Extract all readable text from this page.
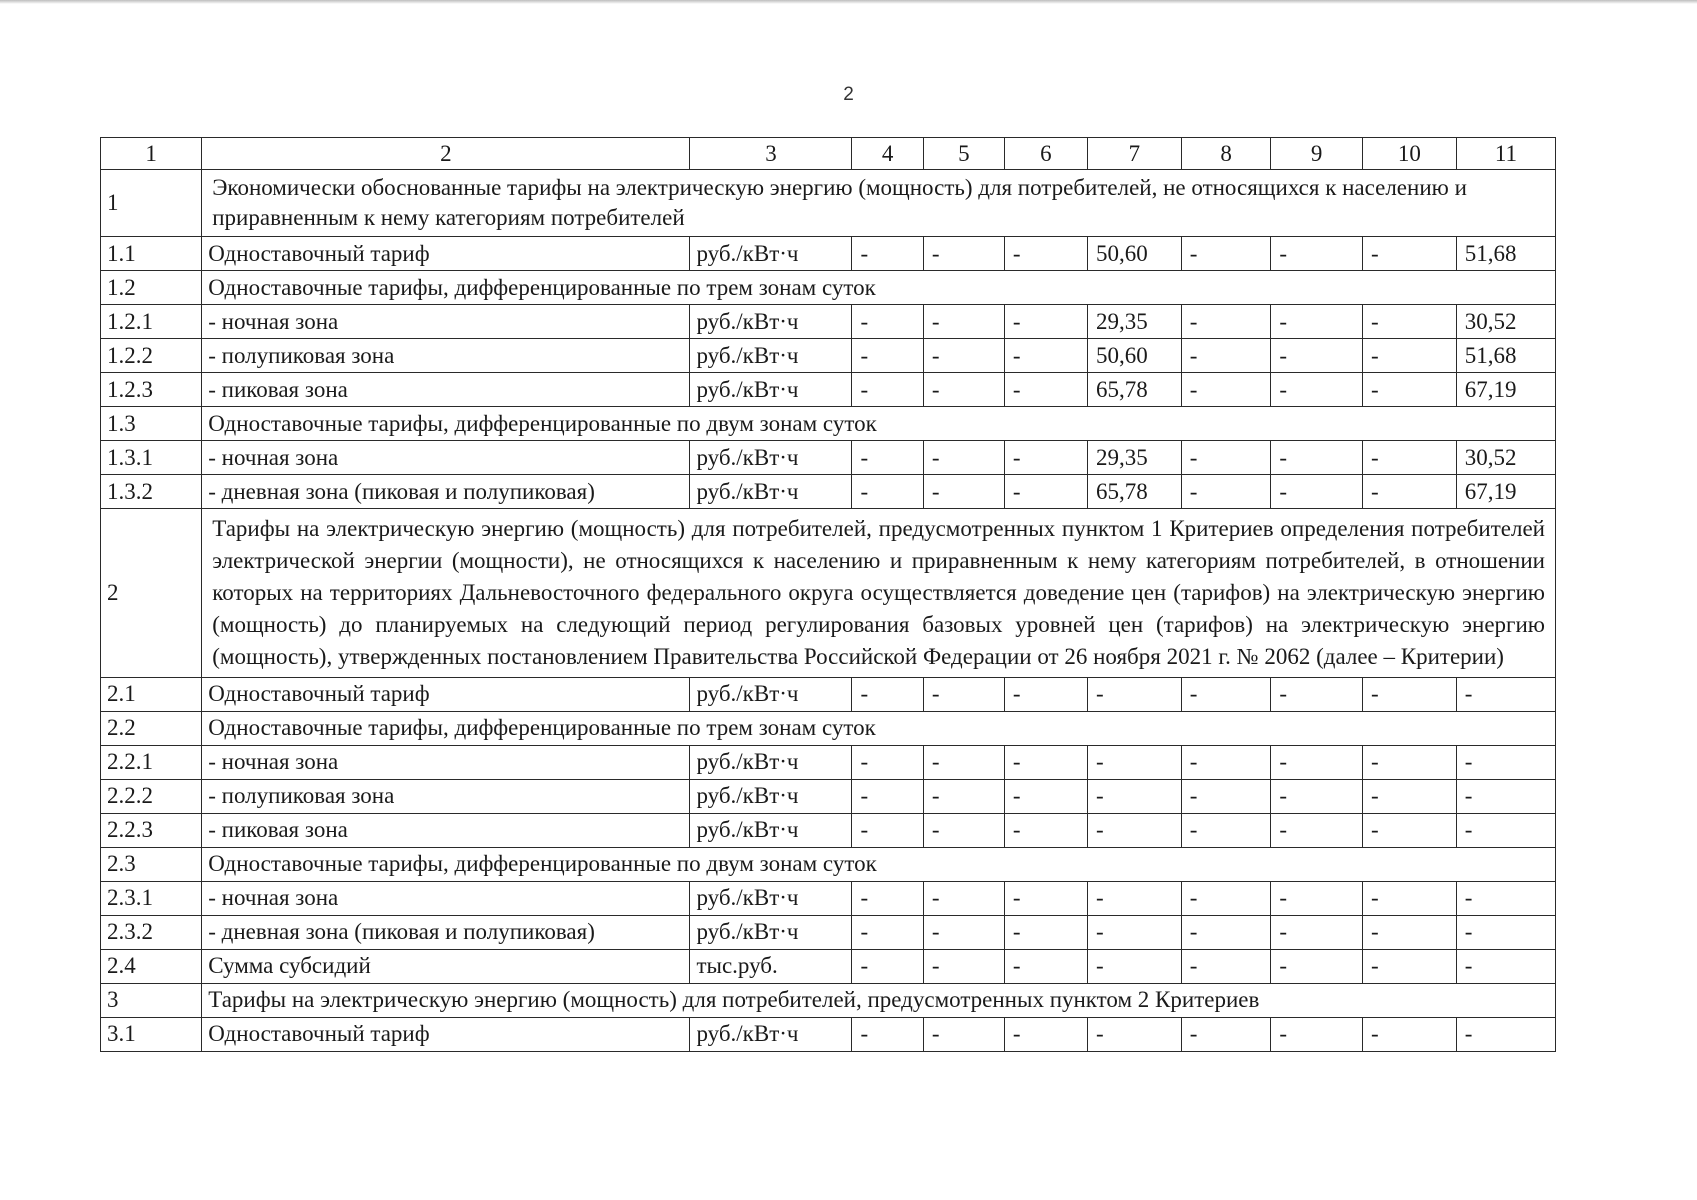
2
1	2	3	4	5	6	7	8	9	10	11
1	Экономически обоснованные тарифы на электрическую энергию (мощность) для потребителей, не относящихся к населению и приравненным к нему категориям потребителей									
1.1	Одноставочный тариф	руб./кВт·ч	-	-	-	50,60	-	-	-	51,68
1.2	Одноставочные тарифы, дифференцированные по трем зонам суток									
1.2.1	- ночная зона	руб./кВт·ч	-	-	-	29,35	-	-	-	30,52
1.2.2	- полупиковая зона	руб./кВт·ч	-	-	-	50,60	-	-	-	51,68
1.2.3	- пиковая зона	руб./кВт·ч	-	-	-	65,78	-	-	-	67,19
1.3	Одноставочные тарифы, дифференцированные по двум зонам суток									
1.3.1	- ночная зона	руб./кВт·ч	-	-	-	29,35	-	-	-	30,52
1.3.2	- дневная зона (пиковая и полупиковая)	руб./кВт·ч	-	-	-	65,78	-	-	-	67,19
2	Тарифы на электрическую энергию (мощность) для потребителей, предусмотренных пунктом 1 Критериев определения потребителей электрической энергии (мощности), не относящихся к населению и приравненным к нему категориям потребителей, в отношении которых на территориях Дальневосточного федерального округа осуществляется доведение цен (тарифов) на электрическую энергию (мощность) до планируемых на следующий период регулирования базовых уровней цен (тарифов) на электрическую энергию (мощность), утвержденных постановлением Правительства Российской Федерации от 26 ноября 2021 г. № 2062 (далее – Критерии)									
2.1	Одноставочный тариф	руб./кВт·ч	-	-	-	-	-	-	-	-
2.2	Одноставочные тарифы, дифференцированные по трем зонам суток									
2.2.1	- ночная зона	руб./кВт·ч	-	-	-	-	-	-	-	-
2.2.2	- полупиковая зона	руб./кВт·ч	-	-	-	-	-	-	-	-
2.2.3	- пиковая зона	руб./кВт·ч	-	-	-	-	-	-	-	-
2.3	Одноставочные тарифы, дифференцированные по двум зонам суток									
2.3.1	- ночная зона	руб./кВт·ч	-	-	-	-	-	-	-	-
2.3.2	- дневная зона (пиковая и полупиковая)	руб./кВт·ч	-	-	-	-	-	-	-	-
2.4	Сумма субсидий	тыс.руб.	-	-	-	-	-	-	-	-
3	Тарифы на электрическую энергию (мощность) для потребителей, предусмотренных пунктом 2 Критериев									
3.1	Одноставочный тариф	руб./кВт·ч	-	-	-	-	-	-	-	-
